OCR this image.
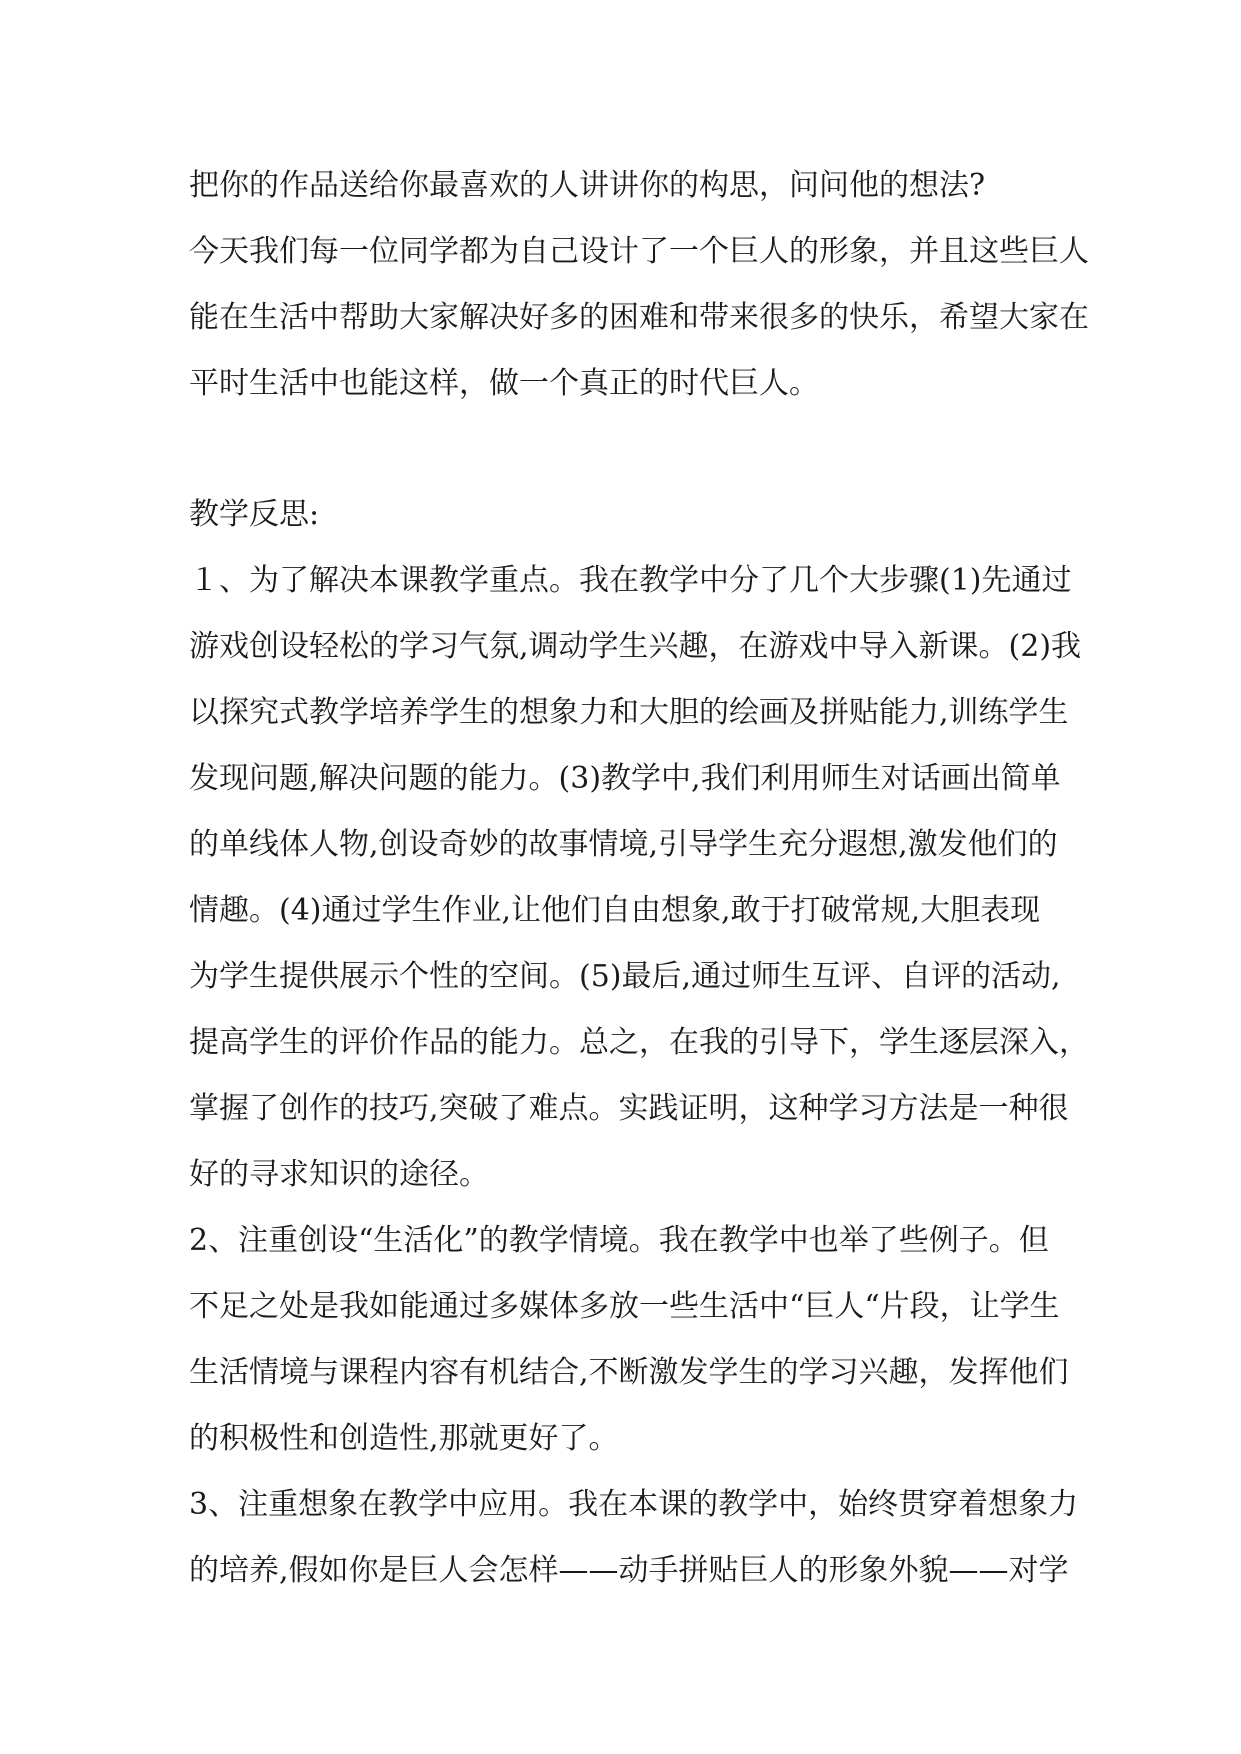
把你的作品送给你最喜欢的人讲讲你的构思，问问他的想法?
今天我们每一位同学都为自己设计了一个巨人的形象，并且这些巨人
能在生活中帮助大家解决好多的困难和带来很多的快乐，希望大家在
平时生活中也能这样，做一个真正的时代巨人。
教学反思:
１、为了解决本课教学重点。我在教学中分了几个大步骤(1)先通过
游戏创设轻松的学习气氛,调动学生兴趣，在游戏中导入新课。(2)我
以探究式教学培养学生的想象力和大胆的绘画及拼贴能力,训练学生
发现问题,解决问题的能力。(3)教学中,我们利用师生对话画出简单
的单线体人物,创设奇妙的故事情境,引导学生充分遐想,激发他们的
情趣。(4)通过学生作业,让他们自由想象,敢于打破常规,大胆表现
为学生提供展示个性的空间。(5)最后,通过师生互评、自评的活动,
提高学生的评价作品的能力。总之，在我的引导下，学生逐层深入，
掌握了创作的技巧,突破了难点。实践证明，这种学习方法是一种很
好的寻求知识的途径。
2、注重创设“生活化”的教学情境。我在教学中也举了些例子。但
不足之处是我如能通过多媒体多放一些生活中“巨人“片段，让学生
生活情境与课程内容有机结合,不断激发学生的学习兴趣，发挥他们
的积极性和创造性,那就更好了。
3、注重想象在教学中应用。我在本课的教学中，始终贯穿着想象力
的培养,假如你是巨人会怎样——动手拼贴巨人的形象外貌——对学
